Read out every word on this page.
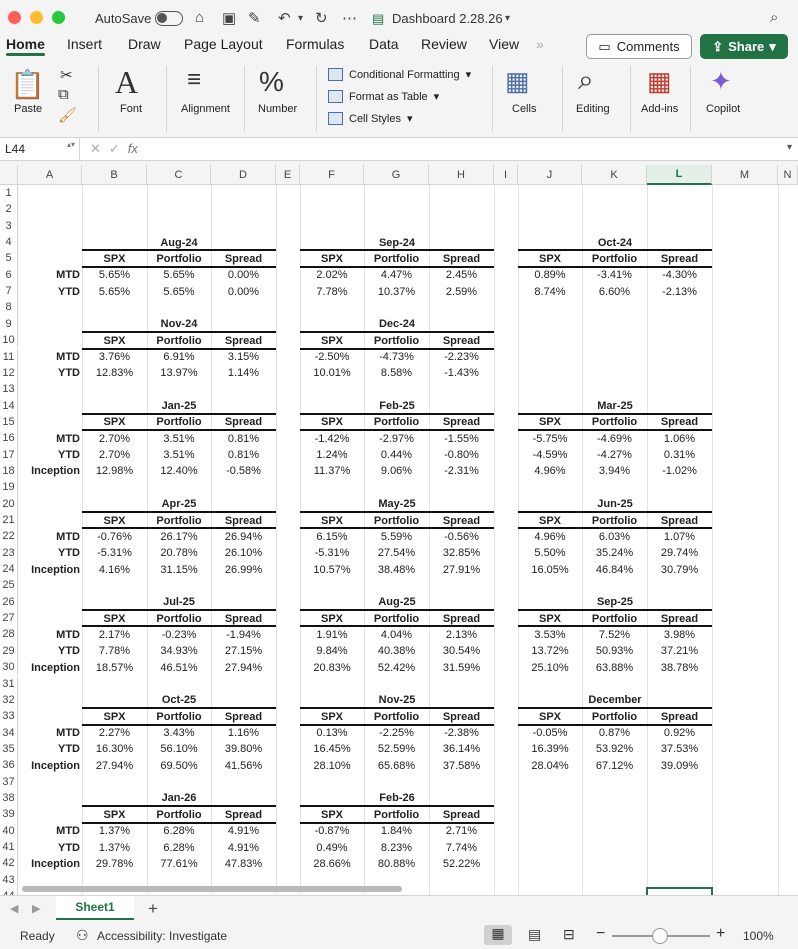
AutoSave	⌂ ▣ ✎ ↶ ▾ ↻ ⋯ ▤ Dashboard 2.28.26 ▾	⌕
Home Insert Draw Page Layout Formulas Data Review View »	▭ Comments	⇪ Share ▾
📋
Paste
✂
⧉
🖌
A
Font
≡
Alignment
%
Number
Conditional Formatting ▾
Format as Table ▾
Cell Styles ▾
▦
Cells
⌕
Editing
▦
Add-ins
✦
Copilot
L44	▴▾ ✕✓fx	▾
A	B	C	D	E	F	G	H	I	J	K	L	M	N
1
2
3
4
5
6
7
8
9
10
11
12
13
14
15
16
17
18
19
20
21
22
23
24
25
26
27
28
29
30
31
32
33
34
35
36
37
38
39
40
41
42
43
Aug-24
SPX	Portfolio	Spread
MTD	5.65%	5.65%	0.00%
YTD	5.65%	5.65%	0.00%
Sep-24
SPX	Portfolio	Spread
2.02%	4.47%	2.45%
7.78%	10.37%	2.59%
Oct-24
SPX	Portfolio	Spread
0.89%	-3.41%	-4.30%
8.74%	6.60%	-2.13%
Nov-24
SPX	Portfolio	Spread
MTD	3.76%	6.91%	3.15%
YTD	12.83%	13.97%	1.14%
Dec-24
SPX	Portfolio	Spread
-2.50%	-4.73%	-2.23%
10.01%	8.58%	-1.43%
Jan-25
SPX	Portfolio	Spread
MTD	2.70%	3.51%	0.81%
YTD	2.70%	3.51%	0.81%
Inception	12.98%	12.40%	-0.58%
Feb-25
SPX	Portfolio	Spread
-1.42%	-2.97%	-1.55%
1.24%	0.44%	-0.80%
11.37%	9.06%	-2.31%
Mar-25
SPX	Portfolio	Spread
-5.75%	-4.69%	1.06%
-4.59%	-4.27%	0.31%
4.96%	3.94%	-1.02%
Apr-25
SPX	Portfolio	Spread
MTD	-0.76%	26.17%	26.94%
YTD	-5.31%	20.78%	26.10%
Inception	4.16%	31.15%	26.99%
May-25
SPX	Portfolio	Spread
6.15%	5.59%	-0.56%
-5.31%	27.54%	32.85%
10.57%	38.48%	27.91%
Jun-25
SPX	Portfolio	Spread
4.96%	6.03%	1.07%
5.50%	35.24%	29.74%
16.05%	46.84%	30.79%
Jul-25
SPX	Portfolio	Spread
MTD	2.17%	-0.23%	-1.94%
YTD	7.78%	34.93%	27.15%
Inception	18.57%	46.51%	27.94%
Aug-25
SPX	Portfolio	Spread
1.91%	4.04%	2.13%
9.84%	40.38%	30.54%
20.83%	52.42%	31.59%
Sep-25
SPX	Portfolio	Spread
3.53%	7.52%	3.98%
13.72%	50.93%	37.21%
25.10%	63.88%	38.78%
Oct-25
SPX	Portfolio	Spread
MTD	2.27%	3.43%	1.16%
YTD	16.30%	56.10%	39.80%
Inception	27.94%	69.50%	41.56%
Nov-25
SPX	Portfolio	Spread
0.13%	-2.25%	-2.38%
16.45%	52.59%	36.14%
28.10%	65.68%	37.58%
December
SPX	Portfolio	Spread
-0.05%	0.87%	0.92%
16.39%	53.92%	37.53%
28.04%	67.12%	39.09%
Jan-26
SPX	Portfolio	Spread
MTD	1.37%	6.28%	4.91%
YTD	1.37%	6.28%	4.91%
Inception	29.78%	77.61%	47.83%
Feb-26
SPX	Portfolio	Spread
-0.87%	1.84%	2.71%
0.49%	8.23%	7.74%
28.66%	80.88%	52.22%
◀ ▶	Sheet1	+
Ready ⚇ Accessibility: Investigate	▦	▤ ⊟ −	+ 100%
